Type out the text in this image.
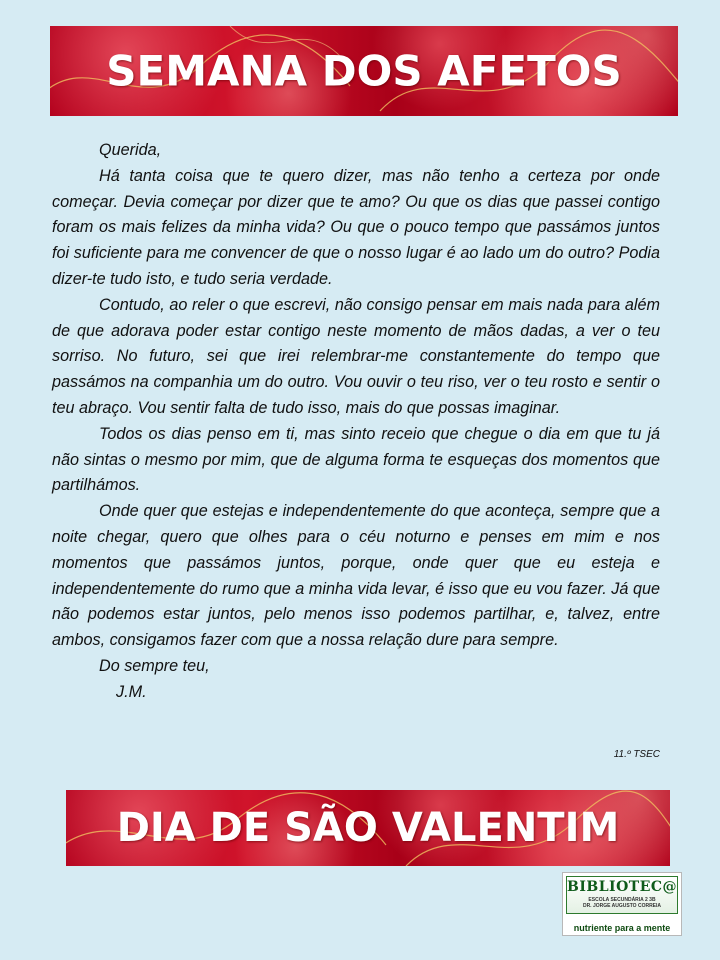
SEMANA DOS AFETOS

Querida,

Há tanta coisa que te quero dizer, mas não tenho a certeza por onde começar. Devia começar por dizer que te amo? Ou que os dias que passei contigo foram os mais felizes da minha vida? Ou que o pouco tempo que passámos juntos foi suficiente para me convencer de que o nosso lugar é ao lado um do outro? Podia dizer-te tudo isto, e tudo seria verdade.

Contudo, ao reler o que escrevi, não consigo pensar em mais nada para além de que adorava poder estar contigo neste momento de mãos dadas, a ver o teu sorriso. No futuro, sei que irei relembrar-me constantemente do tempo que passámos na companhia um do outro. Vou ouvir o teu riso, ver o teu rosto e sentir o teu abraço. Vou sentir falta de tudo isso, mais do que possas imaginar.

Todos os dias penso em ti, mas sinto receio que chegue o dia em que tu já não sintas o mesmo por mim, que de alguma forma te esqueças dos momentos que partilhámos.

Onde quer que estejas e independentemente do que aconteça, sempre que a noite chegar, quero que olhes para o céu noturno e penses em mim e nos momentos que passámos juntos, porque, onde quer que eu esteja e independentemente do rumo que a minha vida levar, é isso que eu vou fazer. Já que não podemos estar juntos, pelo menos isso podemos partilhar, e, talvez, entre ambos, consigamos fazer com que a nossa relação dure para sempre.

Do sempre teu,

J.M.

11.º TSEC
DIA DE SÃO VALENTIM
BIBLIOTEC@
ESCOLA SECUNDÁRIA 2 3B
DR. JORGE AUGUSTO CORREIA
nutriente para a mente
